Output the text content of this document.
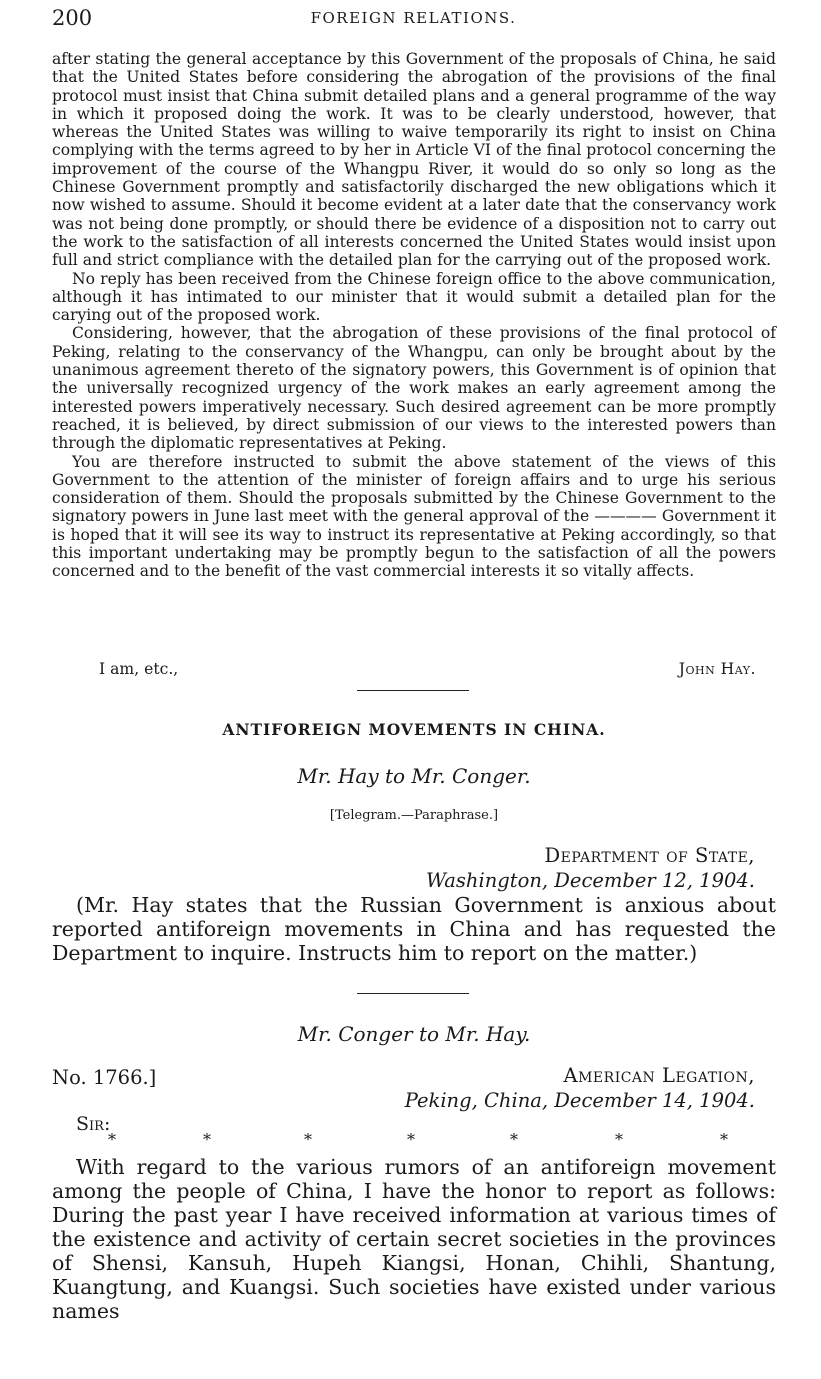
200	FOREIGN RELATIONS.

after stating the general acceptance by this Government of the proposals of China, he said that the United States before considering the abrogation of the provisions of the final protocol must insist that China submit detailed plans and a general programme of the way in which it proposed doing the work. It was to be clearly understood, however, that whereas the United States was willing to waive temporarily its right to insist on China complying with the terms agreed to by her in Article VI of the final protocol concerning the improvement of the course of the Whangpu River, it would do so only so long as the Chinese Government promptly and satisfactorily discharged the new obligations which it now wished to assume. Should it become evident at a later date that the conservancy work was not being done promptly, or should there be evidence of a disposition not to carry out the work to the satisfaction of all interests concerned the United States would insist upon full and strict compliance with the detailed plan for the carrying out of the proposed work.

No reply has been received from the Chinese foreign office to the above communication, although it has intimated to our minister that it would submit a detailed plan for the carying out of the proposed work.

Considering, however, that the abrogation of these provisions of the final protocol of Peking, relating to the conservancy of the Whangpu, can only be brought about by the unanimous agreement thereto of the signatory powers, this Government is of opinion that the universally recognized urgency of the work makes an early agreement among the interested powers imperatively necessary. Such desired agreement can be more promptly reached, it is believed, by direct submission of our views to the interested powers than through the diplomatic representatives at Peking.

You are therefore instructed to submit the above statement of the views of this Government to the attention of the minister of foreign affairs and to urge his serious consideration of them. Should the proposals submitted by the Chinese Government to the signatory powers in June last meet with the general approval of the ———— Government it is hoped that it will see its way to instruct its representative at Peking accordingly, so that this important undertaking may be promptly begun to the satisfaction of all the powers concerned and to the benefit of the vast commercial interests it so vitally affects.

I am, etc.,	John Hay.
ANTIFOREIGN MOVEMENTS IN CHINA.
Mr. Hay to Mr. Conger.
[Telegram.—Paraphrase.]
Department of State,
Washington, December 12, 1904.

(Mr. Hay states that the Russian Government is anxious about reported antiforeign movements in China and has requested the Department to inquire. Instructs him to report on the matter.)

Mr. Conger to Mr. Hay.
No. 1766.]	American Legation,
Peking, China, December 14, 1904.
Sir:
*	*	*	*	*	*	*

With regard to the various rumors of an antiforeign movement among the people of China, I have the honor to report as follows: During the past year I have received information at various times of the existence and activity of certain secret societies in the provinces of Shensi, Kansuh, Hupeh Kiangsi, Honan, Chihli, Shantung, Kuangtung, and Kuangsi. Such societies have existed under various names
